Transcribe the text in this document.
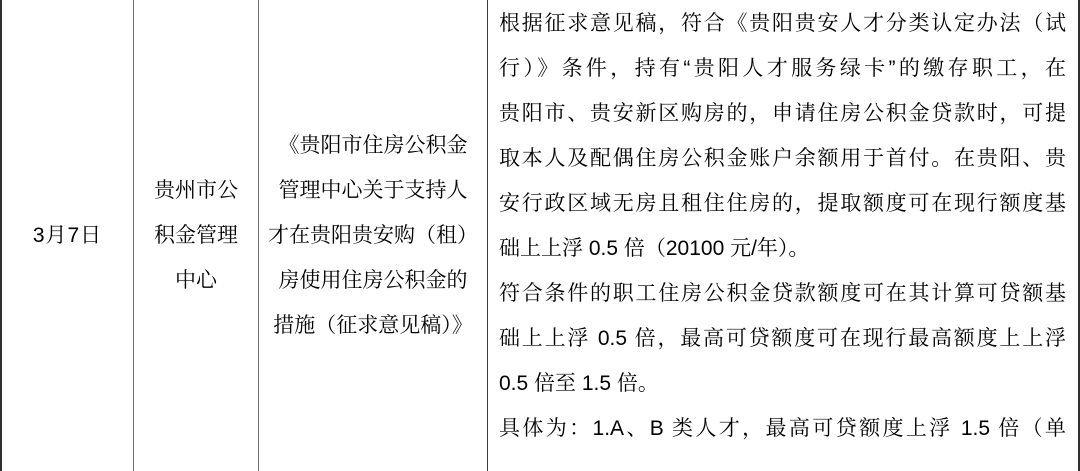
3月7日
贵州市公
积金管理
中心
《贵阳市住房公积金
管理中心关于支持人
才在贵阳贵安购（租）
房使用住房公积金的
措施（征求意见稿）》
根据征求意见稿，符合《贵阳贵安人才分类认定办法（试
行）》条件，持有“贵阳人才服务绿卡”的缴存职工，在
贵阳市、贵安新区购房的，申请住房公积金贷款时，可提
取本人及配偶住房公积金账户余额用于首付。在贵阳、贵
安行政区域无房且租住住房的，提取额度可在现行额度基
础上上浮 0.5 倍（20100 元/年）。
符合条件的职工住房公积金贷款额度可在其计算可贷额基
础上上浮 0.5 倍，最高可贷额度可在现行最高额度上上浮
0.5 倍至 1.5 倍。
具体为：1.A、B 类人才，最高可贷额度上浮 1.5 倍（单
